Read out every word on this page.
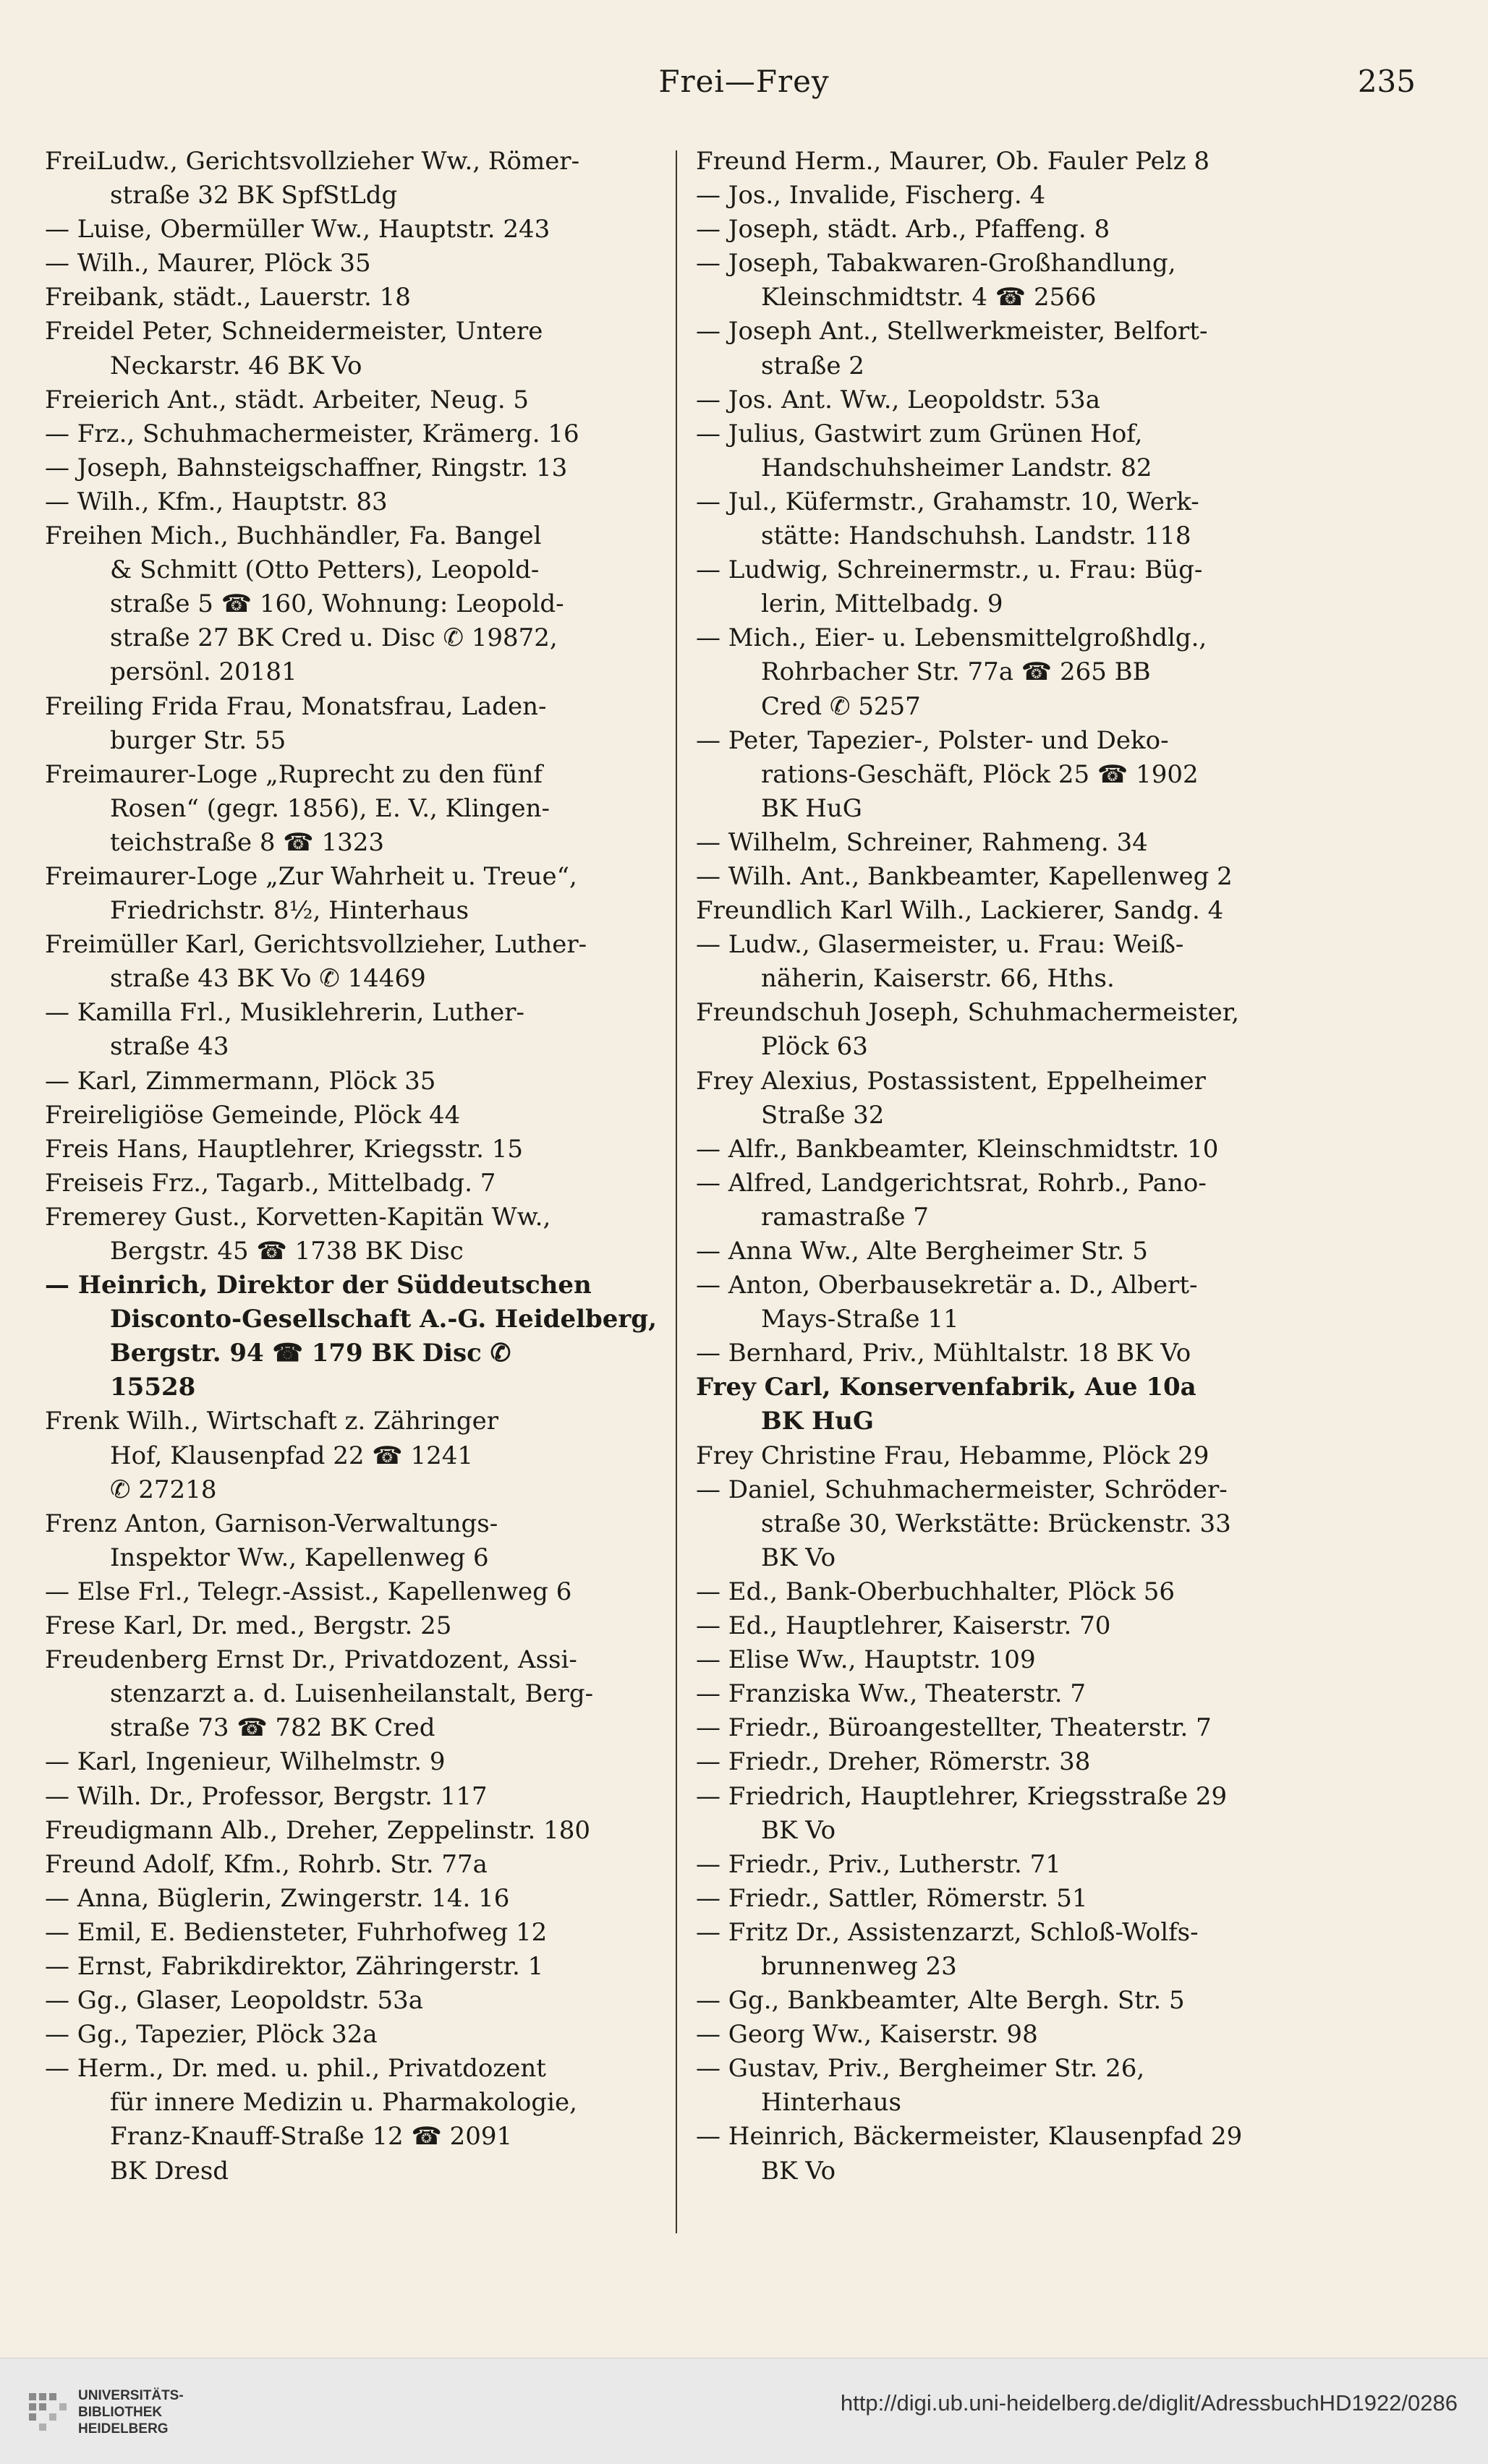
Frei—Frey	235
FreiLudw., Gerichtsvollzieher Ww., Römer-
straße 32 BK SpfStLdg
— Luise, Obermüller Ww., Hauptstr. 243
— Wilh., Maurer, Plöck 35
Freibank, städt., Lauerstr. 18
Freidel Peter, Schneidermeister, Untere
Neckarstr. 46 BK Vo
Freierich Ant., städt. Arbeiter, Neug. 5
— Frz., Schuhmachermeister, Krämerg. 16
— Joseph, Bahnsteigschaffner, Ringstr. 13
— Wilh., Kfm., Hauptstr. 83
Freihen Mich., Buchhändler, Fa. Bangel
& Schmitt (Otto Petters), Leopold-
straße 5 ☎ 160, Wohnung: Leopold-
straße 27 BK Cred u. Disc ✆ 19872,
persönl. 20181
Freiling Frida Frau, Monatsfrau, Laden-
burger Str. 55
Freimaurer-Loge „Ruprecht zu den fünf
Rosen“ (gegr. 1856), E. V., Klingen-
teichstraße 8 ☎ 1323
Freimaurer-Loge „Zur Wahrheit u. Treue“,
Friedrichstr. 8½, Hinterhaus
Freimüller Karl, Gerichtsvollzieher, Luther-
straße 43 BK Vo ✆ 14469
— Kamilla Frl., Musiklehrerin, Luther-
straße 43
— Karl, Zimmermann, Plöck 35
Freireligiöse Gemeinde, Plöck 44
Freis Hans, Hauptlehrer, Kriegsstr. 15
Freiseis Frz., Tagarb., Mittelbadg. 7
Fremerey Gust., Korvetten-Kapitän Ww.,
Bergstr. 45 ☎ 1738 BK Disc
— Heinrich, Direktor der Süddeutschen
Disconto-Gesellschaft A.-G. Heidelberg,
Bergstr. 94 ☎ 179 BK Disc ✆
15528
Frenk Wilh., Wirtschaft z. Zähringer
Hof, Klausenpfad 22 ☎ 1241
✆ 27218
Frenz Anton, Garnison-Verwaltungs-
Inspektor Ww., Kapellenweg 6
— Else Frl., Telegr.-Assist., Kapellenweg 6
Frese Karl, Dr. med., Bergstr. 25
Freudenberg Ernst Dr., Privatdozent, Assi-
stenzarzt a. d. Luisenheilanstalt, Berg-
straße 73 ☎ 782 BK Cred
— Karl, Ingenieur, Wilhelmstr. 9
— Wilh. Dr., Professor, Bergstr. 117
Freudigmann Alb., Dreher, Zeppelinstr. 180
Freund Adolf, Kfm., Rohrb. Str. 77a
— Anna, Büglerin, Zwingerstr. 14. 16
— Emil, E. Bediensteter, Fuhrhofweg 12
— Ernst, Fabrikdirektor, Zähringerstr. 1
— Gg., Glaser, Leopoldstr. 53a
— Gg., Tapezier, Plöck 32a
— Herm., Dr. med. u. phil., Privatdozent
für innere Medizin u. Pharmakologie,
Franz-Knauff-Straße 12 ☎ 2091
BK Dresd
Freund Herm., Maurer, Ob. Fauler Pelz 8
— Jos., Invalide, Fischerg. 4
— Joseph, städt. Arb., Pfaffeng. 8
— Joseph, Tabakwaren-Großhandlung,
Kleinschmidtstr. 4 ☎ 2566
— Joseph Ant., Stellwerkmeister, Belfort-
straße 2
— Jos. Ant. Ww., Leopoldstr. 53a
— Julius, Gastwirt zum Grünen Hof,
Handschuhsheimer Landstr. 82
— Jul., Küfermstr., Grahamstr. 10, Werk-
stätte: Handschuhsh. Landstr. 118
— Ludwig, Schreinermstr., u. Frau: Büg-
lerin, Mittelbadg. 9
— Mich., Eier- u. Lebensmittelgroßhdlg.,
Rohrbacher Str. 77a ☎ 265 BB
Cred ✆ 5257
— Peter, Tapezier-, Polster- und Deko-
rations-Geschäft, Plöck 25 ☎ 1902
BK HuG
— Wilhelm, Schreiner, Rahmeng. 34
— Wilh. Ant., Bankbeamter, Kapellenweg 2
Freundlich Karl Wilh., Lackierer, Sandg. 4
— Ludw., Glasermeister, u. Frau: Weiß-
näherin, Kaiserstr. 66, Hths.
Freundschuh Joseph, Schuhmachermeister,
Plöck 63
Frey Alexius, Postassistent, Eppelheimer
Straße 32
— Alfr., Bankbeamter, Kleinschmidtstr. 10
— Alfred, Landgerichtsrat, Rohrb., Pano-
ramastraße 7
— Anna Ww., Alte Bergheimer Str. 5
— Anton, Oberbausekretär a. D., Albert-
Mays-Straße 11
— Bernhard, Priv., Mühltalstr. 18 BK Vo
Frey Carl, Konservenfabrik, Aue 10a
BK HuG
Frey Christine Frau, Hebamme, Plöck 29
— Daniel, Schuhmachermeister, Schröder-
straße 30, Werkstätte: Brückenstr. 33
BK Vo
— Ed., Bank-Oberbuchhalter, Plöck 56
— Ed., Hauptlehrer, Kaiserstr. 70
— Elise Ww., Hauptstr. 109
— Franziska Ww., Theaterstr. 7
— Friedr., Büroangestellter, Theaterstr. 7
— Friedr., Dreher, Römerstr. 38
— Friedrich, Hauptlehrer, Kriegsstraße 29
BK Vo
— Friedr., Priv., Lutherstr. 71
— Friedr., Sattler, Römerstr. 51
— Fritz Dr., Assistenzarzt, Schloß-Wolfs-
brunnenweg 23
— Gg., Bankbeamter, Alte Bergh. Str. 5
— Georg Ww., Kaiserstr. 98
— Gustav, Priv., Bergheimer Str. 26,
Hinterhaus
— Heinrich, Bäckermeister, Klausenpfad 29
BK Vo
UNIVERSITÄTS-
BIBLIOTHEK
HEIDELBERG
http://digi.ub.uni-heidelberg.de/diglit/AdressbuchHD1922/0286
